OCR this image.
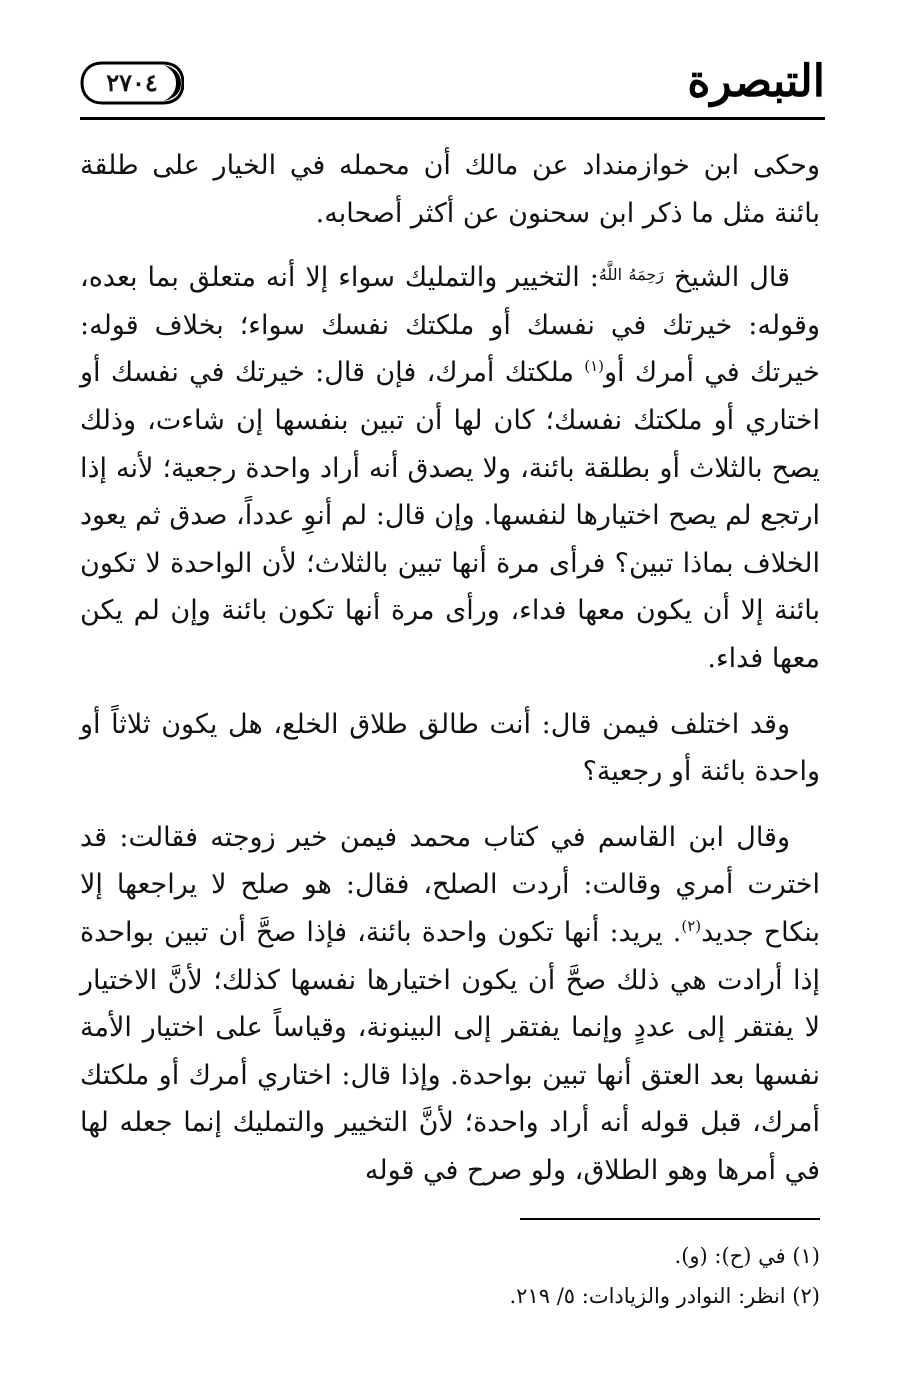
التبصرة
٢٧٠٤

وحكى ابن خوازمنداد عن مالك أن محمله في الخيار على طلقة بائنة مثل ما ذكر ابن سحنون عن أكثر أصحابه.

قال الشيخ $^{رَحِمَهُ اللَّهُ}$: التخيير والتمليك سواء إلا أنه متعلق بما بعده، وقوله: خيرتك في نفسك أو ملكتك نفسك سواء؛ بخلاف قوله: خيرتك في أمرك أو$^{(١)}$ ملكتك أمرك، فإن قال: خيرتك في نفسك أو اختاري أو ملكتك نفسك؛ كان لها أن تبين بنفسها إن شاءت، وذلك يصح بالثلاث أو بطلقة بائنة، ولا يصدق أنه أراد واحدة رجعية؛ لأنه إذا ارتجع لم يصح اختيارها لنفسها. وإن قال: لم أنوِ عدداً، صدق ثم يعود الخلاف بماذا تبين؟ فرأى مرة أنها تبين بالثلاث؛ لأن الواحدة لا تكون بائنة إلا أن يكون معها فداء، ورأى مرة أنها تكون بائنة وإن لم يكن معها فداء.

وقد اختلف فيمن قال: أنت طالق طلاق الخلع، هل يكون ثلاثاً أو واحدة بائنة أو رجعية؟

وقال ابن القاسم في كتاب محمد فيمن خير زوجته فقالت: قد اخترت أمري وقالت: أردت الصلح، فقال: هو صلح لا يراجعها إلا بنكاح جديد$^{(٢)}$. يريد: أنها تكون واحدة بائنة، فإذا صحَّ أن تبين بواحدة إذا أرادت هي ذلك صحَّ أن يكون اختيارها نفسها كذلك؛ لأنَّ الاختيار لا يفتقر إلى عددٍ وإنما يفتقر إلى البينونة، وقياساً على اختيار الأمة نفسها بعد العتق أنها تبين بواحدة. وإذا قال: اختاري أمرك أو ملكتك أمرك، قبل قوله أنه أراد واحدة؛ لأنَّ التخيير والتمليك إنما جعله لها في أمرها وهو الطلاق، ولو صرح في قوله

(١) في (ح): (و).
(٢) انظر: النوادر والزيادات: ٥/ ٢١٩.
